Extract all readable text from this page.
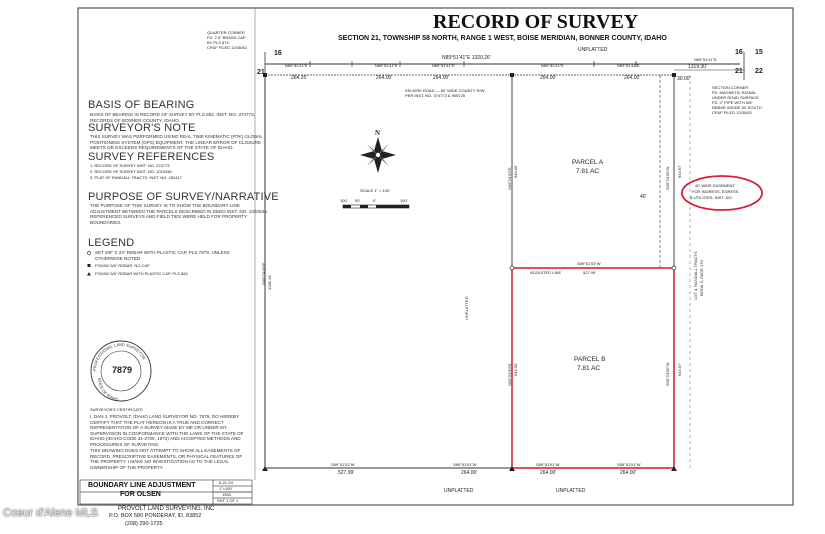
PROFESSIONAL LAND SURVEYOR
STATE OF IDAHO
RECORD OF SURVEY
SECTION 21, TOWNSHIP 58 NORTH, RANGE 1 WEST, BOISE MERIDIAN, BONNER COUNTY, IDAHO
QUARTER CORNER
FD. 2.5" BRASS CAP
BY PLS 874
CP&F FILED 12/30/82
16
21
16 15
21 22
SECTION CORNER
FD. MAGNETIC SIGNAL
UNDER ROAD SURFACE
FD. 2" PIPE WITH 5/8"
REBAR INSIDE 30' SOUTH
CP&F FILED 12/30/82
UNPLATTED
N89°51'41"E 1320.26'
N89°51'41"E	N89°51'41"E	N89°51'41"E	N89°51'41"E	N89°51'41"E
264.25'	264.00'	264.00'	264.00'	264.00'
N89°51'41"E
1319.30'
30.00'
SELKIRK ROAD — 60' WIDE COUNTY R/W
PER INST. NO. 374773 & 905725
BASIS OF BEARING
BASIS OF BEARING IS RECORD OF SURVEY BY PLS 882, INST. NO. 374773, RECORDS OF BONNER COUNTY, IDAHO.
SURVEYOR'S NOTE
THIS SURVEY WAS PERFORMED USING REAL TIME KINEMATIC (RTK) GLOBAL POSITIONING SYSTEM (GPS) EQUIPMENT. THE LINEAR ERROR OF CLOSURE MEETS OR EXCEEDS REQUIREMENTS OF THE STATE OF IDAHO.
SURVEY REFERENCES
1. RECORD OF SURVEY INST. NO. 374773
2. RECORD OF SURVEY INST. NO. 1019346
3. PLAT OF RANDALL TRACTS, INST. NO. 252417
PURPOSE OF SURVEY/NARRATIVE
THE PURPOSE OF THIS SURVEY IS TO SHOW THE BOUNDARY LINE ADJUSTMENT BETWEEN THE PARCELS DESCRIBED IN DEED INST. NO. 1020635. REFERENCED SURVEYS AND FIELD TIES WERE HELD FOR PROPERTY BOUNDARIES.
LEGEND
SET 5/8" X 24" REBAR WITH PLASTIC CAP, PLS 7879, UNLESS OTHERWISE NOTED
FOUND 5/8" REBAR, NO CAP
FOUND 5/8" REBAR WITH PLASTIC CAP, PLS 882
7879
SURVEYOR'S CERTIFICATE
I, DAN J. PROVOLT, IDAHO LAND SURVEYOR NO. 7879, DO HEREBY CERTIFY THAT THE PLAT HEREON IS A TRUE AND CORRECT REPRESENTATION OF A SURVEY MADE BY ME OR UNDER MY SUPERVISION IN CONFORMANCE WITH THE LAWS OF THE STATE OF IDAHO (IDAHO CODE 31-2709, 1973) AND ACCEPTED METHODS AND PROCEDURES OF SURVEYING.
THIS DRAWING DOES NOT ATTEMPT TO SHOW ALL EASEMENTS OF RECORD, PRESCRIPTIVE EASEMENTS, OR PHYSICAL FEATURES OF THE PROPERTY. I MAKE NO INVESTIGATION AS TO THE LEGAL OWNERSHIP OF THE PROPERTY.
N
SCALE 1" = 100'
100' 50'	0'	100'
PARCEL A
7.81 AC
PARCEL B
7.81 AC
ADJUSTED LINE
S89°51'03"W
527.99'
40'
40' WIDE EASEMENT
FOR INGRESS, EGRESS
& UTILITIES, INST. NO.
N00°24'09"E 1285.14'
N00°24'50"E 644.00'	S00°24'50"W 643.97'
N00°24'50"E 644.00'	S00°24'50"W 643.97'
UNPLATTED
LOT 4, RANDALL TRACTS BOOK 3, PAGE 179
S89°51'01"W	S89°51'01"W	S89°51'01"W	S89°51'01"W
527.99'	264.00'	264.00'	264.00'
UNPLATTED	UNPLATTED
BOUNDARY LINE ADJUSTMENT
FOR OLSEN
PROVOLT LAND SURVEYING, INC
P.O. BOX 580 PONDERAY, ID. 83852
(208) 290-1725
6-21-24
1"=100'
1554
SHT 1 OF 1
Coeur d'Alene MLS
